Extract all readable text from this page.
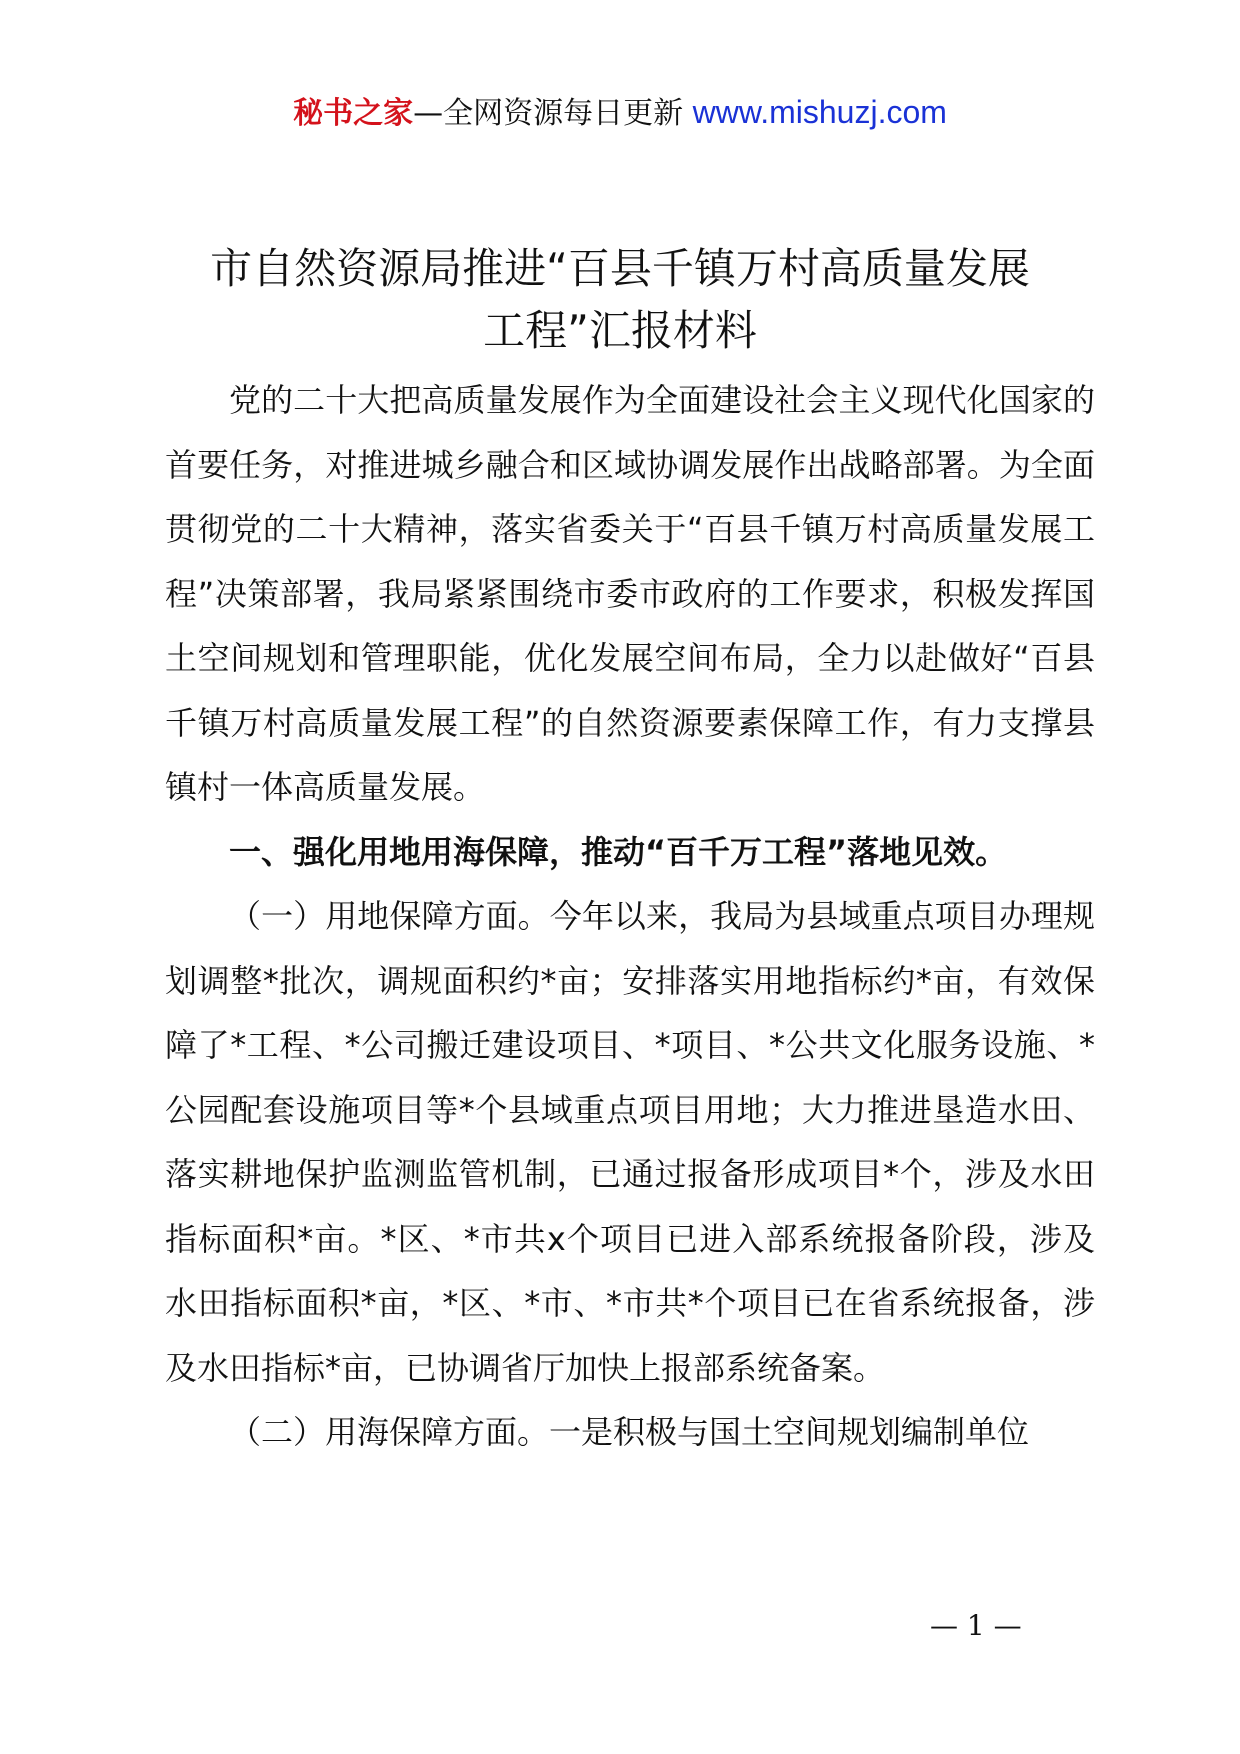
秘书之家—全网资源每日更新 www.mishuzj.com
市自然资源局推进“百县千镇万村高质量发展
工程”汇报材料

党的二十大把高质量发展作为全面建设社会主义现代化国家的首要任务，对推进城乡融合和区域协调发展作出战略部署。为全面贯彻党的二十大精神，落实省委关于“百县千镇万村高质量发展工程”决策部署，我局紧紧围绕市委市政府的工作要求，积极发挥国土空间规划和管理职能，优化发展空间布局，全力以赴做好“百县千镇万村高质量发展工程”的自然资源要素保障工作，有力支撑县镇村一体高质量发展。

一、强化用地用海保障，推动“百千万工程”落地见效。

（一）用地保障方面。今年以来，我局为县域重点项目办理规划调整*批次，调规面积约*亩；安排落实用地指标约*亩，有效保障了*工程、*公司搬迁建设项目、*项目、*公共文化服务设施、*公园配套设施项目等*个县域重点项目用地；大力推进垦造水田、落实耕地保护监测监管机制，已通过报备形成项目*个，涉及水田指标面积*亩。*区、*市共x个项目已进入部系统报备阶段，涉及水田指标面积*亩，*区、*市、*市共*个项目已在省系统报备，涉及水田指标*亩，已协调省厅加快上报部系统备案。

（二）用海保障方面。一是积极与国土空间规划编制单位

— 1 —
